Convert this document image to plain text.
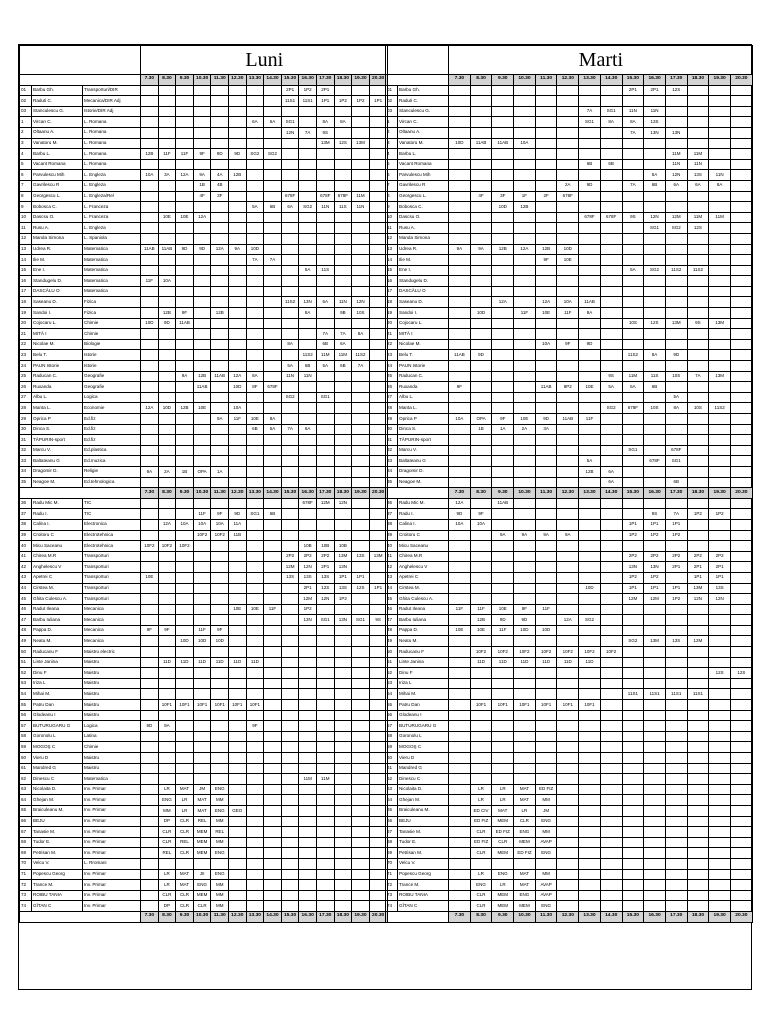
			Luni														
			7.30	8.30	9.30	10.30	11.30	12.30	13.30	14.30	15.30	16.30	17.30	18.30	19.30	20.30	
01	Barbu Gh.	Transporturi/DIR									2P1	1P2	2P1				
02	Raduti C.	Mecanica/DIR Adj									11S1	11S1	1P1	1P2	1P2	1P1	
03	Stanculescu G.	Istorie/DIR Adj															
1	Vircan C.	L. Romana							6A	6A	SG1		8A	8A			
2	Oltaanu A.	L. Romana									12N	7A	9S				
3	Vanatoru M.	L. Romana											13M	12S	13M		
4	Barbu L.	L. Romana	12B	11F	11F	9F	9D	9D	SG2	SG2							
5	Vacant Romana	L. Romana															
6	Parvulescu Mih	L. Engleza	10A	3A	12A	9A	4A	12B									
7	Gavrilescu R	L. Engleza				1B	4B										
8	Georgescu L.	L. Engleza/Rel				4F	3F				678F		678F	678F	11M		
9	Bobosca C.	L. Franceza							5A	6B	6A	SG2	11N	11S	11N		
10	Dascsu O.	L. Franceza		10E	10E	12A											
11	Rusu A.	L. Engleza															
12	Manda Simona	L. Spaniola															
13	Udrea R.	Matematica	11AB	11AB	9D	9D	12A	9A	10D								
14	Ilie M.	Matematica							7A	7A							
15	Ene I.	Matematica										5A	11S				
16	Standugelu D.	Matematica	11F	10A													
17	DASCĂLU O	Matematica															
18	Saseanu D.	Fizica									11S2	13N	6A	11N	12N		
19	Sandoi I.	Fizica		12B	9F		12B					8A		9B	10S		
20	Cojocaru L.	Chimie	10D	9D	11AB												
21	MITĂ I	Chimie											7A	7A	8A		
22	Nicolae M.	Biologie									8A		6B	6A			
23	Belu T.	Istorie										11S2	11M	11M	11S2		
24	PAUN Istorie	Istorie									5A	6B	5A	6B	7A		
25	Raducan C.	Geografie			9A	12B	11AB	12A	8A		11N	11N					
26	Ruxanda	Geografie				11AB		10D	8F	678F							
27	Albu L.	Logica									SG2		SG1				
28	Manta L.	Economie	12A	10D	12B	10E		10A									
29	Oprica P	Ed.fiz					9A	11F	10E	8A							
30	Dinca S.	Ed.fiz							6B	5A	7A	6A					
31	TĂPURIN-sport	Ed.fiz															
32	Marcu V.	Ed.plastica															
33	Baltateanu G	Ed.muzica															
34	Dragomir D.	Religie	9A	2A	1B	OPA	1A										
35	Neagoe M.	Ed.tehnologica															
			7.30	8.30	9.30	10.30	11.30	12.30	13.30	14.30	15.30	16.30	17.30	18.30	19.30	20.30	
36	Radu Mic M.	TIC										678F	12M	12N			
37	Radu I.	TIC				11F	9F	9D	SG1	6B							
38	Calina I.	Electronica		12A	10A	10A	10A	11A									
39	Croitoru C	Electrotehnica				10F2	10F2	11B									
40	Micu Saceanu	Electrotehnica	10F2	10F2	10F2							10B	10B	10B			
41	Chirea M.R	Transporturi									2P2	2P2	2P2	13M	13S	13M	
42	Anghelescu V	Transporturi									12M	12N	2P1	13N			
43	Apetrei C	Transporturi	10E								13S	13S	13S	1P1	1P1		
44	Cirstea M.	Transporturi										2P1	12S	13S	12S	1P1	
45	Ghita Culescu A.	Transporturi										12M	12N	1P2			
46	Radut Ileana	Mecanica						10E	10E	11F		1P2					
47	Barbu Iuliana	Mecanica										13N	SG1	13N	SG1	9S	
48	Pappa D.	Mecanica	9F	9F		11F	9F										
49	Neatu M.	Mecanica			10D	10D	10D										
50	Raducanu F	Maistru electric															
51	Linte Janina	Maistru		11D	11D	11D	11D	11D	11D								
52	Dinu F	Maistru															
53	Iriza L	Maistru															
54	Mihai M.	Maistru															
55	Patru Dan	Maistru		10F1	10F1	10F1	10F1	10F1	10F1								
56	Glodeanu I	Maistru															
57	BUTURUGARU G	Logica	9D	9A					9F								
58	Goronolu L	Latina															
59	MOGOŞ C	Chimie															
60	Vieru D	Maistru															
61	Mandred G	Maistru															
62	Dinescu C	Matematica										11M	11M				
63	Nicolaita D.	Inv. Primar		LR	MAT	JM	ENG										
64	Ghejan M.	Inv. Primar		ENG	LR	MAT	MM										
65	Braiculeanu M.	Inv. Primar		MM	LR	MAT	ENG	GEO									
66	BEJU	Inv. Primar		DP	CLR	REL	MM										
67	Tanasie M.	Inv. Primar		CLR	CLR	MEM	REL										
68	Tudor E.	Inv. Primar		CLR	REL	MEM	MM										
69	Petrisan M.	Inv. Primar		REL	CLR	MEM	ENG										
70	Velcu V.	L. Rromani															
71	Popescu Georg	Inv. Primar		LR	MAT	JII	ENG										
72	Trance M.	Inv. Primar		LR	MAT	ENG	MM										
73	ROIBU TANIA	Inv. Primar		CLR	CLR	MEM	MM										
74	GÎTAN C	Inv. Primar		DP	CLR	CLR	MM										
			7.30	8.30	9.30	10.30	11.30	12.30	13.30	14.30	15.30	16.30	17.30	18.30	19.30	20.30	
		Marti													
		7.30	8.30	9.30	10.30	11.30	12.30	13.30	14.30	15.30	16.30	17.30	18.30	19.30	20.30
01	Barbu Gh.									2P1	2P1	12S			
02	Raduti C.														
03	Stanculescu G.							7A	SG1	11N	11N				
1	Vircan C.							SG1	8A	8A	13S				
2	Oltaanu A.									7A	13N	13N			
3	Vanatoru M.	10D	11AB	11AB	10A										
4	Barbu L.											11M	11M		
5	Vacant Romana							6B	6B			11N	11N		
6	Parvulescu Mih										5A	12N	13S	11N	
7	Gavrilescu R						2A	9D		7A	6B	6A	6A	8A	
8	Georgescu L.		4F	3F	1F	2F	678F								
9	Bobosca C.			10D	12B										
10	Dascsu O.							678F	678F	9S	12N	12M	11M	11M	
11	Rusu A.										SG1	SG2	12S		
12	Manda Simona														
13	Udrea R.	9A	9A	12B	12A	12B	10D								
14	Ilie M.					9F	10E								
15	Ene I.									5A	SG2	11S2	11S2		
16	Standugelu D.														
17	DASCĂLU O														
18	Saseanu D.			12A		12A	10A	11AB							
19	Sandoi I.		10D		11F	10E	11F	8A							
20	Cojocaru L.									10S	12S	13M	9S	13M	
21	MITĂ I														
22	Nicolae M.					10A	9F	9D							
23	Belu T.	11AB	9D							11S2	8A	9D			
24	PAUN Istorie														
25	Raducan C.								9S	11M	11S	10S	7A	13M	
26	Ruxanda	9F				11AB	8P2	10E	5A	6A	6B				
27	Albu L.											5A			
28	Manta L.								SG2	678F	10S	8A	10S	11S2	
29	Oprica P	10A	OPA	9F	10E	9D	11AB	11F							
30	Dinca S.		1B	1A	2A	3A									
31	TĂPURIN-sport														
32	Marcu V.									SG1		678F			
33	Baltateanu G							5A			678F	SG1			
34	Dragomir D.							12B	6A						
35	Neagoe M.								6A			6B			
		7.30	8.30	9.30	10.30	11.30	12.30	13.30	14.30	15.30	16.30	17.30	18.30	19.30	20.30
36	Radu Mic M.	12A		11AB											
37	Radu I.	9D	9F								9S	7A	1P2	1P2	
38	Calina I.	10A	10A							1P1	1P1	1P1			
39	Croitoru C			9A	9A	9A	9A			1P2	1P2	1P2			
40	Micu Saceanu														
41	Chirea M.R									2P2	2P2	2P2	2P2	2P2	
42	Anghelescu V									13N	13N	2P1	2P1	2P1	
43	Apetrei C									1P2	1P2		1P1	1P1	
44	Cirstea M.							10D		1P1	1P1	1P1	13M	13S	
45	Ghita Culescu A.									12M	12M	1P2	12N	12N	
46	Radut Ileana	11F	11F	10E	9F	11F									
47	Barbu Iuliana		12B	9D	9D		12A	SG2							
48	Pappa D.	10E	10E	11F	10D	10D									
49	Neatu M.									SG2	13M	13S	12M		
50	Raducanu F		10F2	10F2	10F2	10F2	10F2	10F2	10F2						
51	Linte Janina		11D	11D	11D	11D	11D	11D							
52	Dinu F													12S	12S
53	Iriza L														
54	Mihai M.									11S1	11S1	11S1	11S1		
55	Patru Dan		10F1	10F1	10F1	10F1	10F1	10F1							
56	Glodeanu I														
57	BUTURUGARU G														
58	Goronolu L														
59	MOGOŞ C														
60	Vieru D														
61	Mandred G														
62	Dinescu C														
63	Nicolaita D.		LR	LR	MAT	ED FIZ									
64	Ghejan M.		LR	LR	MAT	MM									
65	Braiculeanu M.		ED CIV	MAT	LR	JM									
66	BEJU		ED FIZ	MEM	CLR	ENG									
67	Tanasie M.		CLR	ED FIZ	ENG	MM									
68	Tudor E.		ED FIZ	CLR	MEM	AVAP									
69	Petrisan M.		CLR	MEM	ED FIZ	ENG									
70	Velcu V.														
71	Popescu Georg		LR	ENG	MAT	MM									
72	Trance M.		ENG	LR	MAT	AVAP									
73	ROIBU TANIA		CLR	MEM	ENG	AVAP									
74	GÎTAN C		CLR	MEM	MEM	ENG									
		7.30	8.30	9.30	10.30	11.30	12.30	13.30	14.30	15.30	16.30	17.30	18.30	19.30	20.30
